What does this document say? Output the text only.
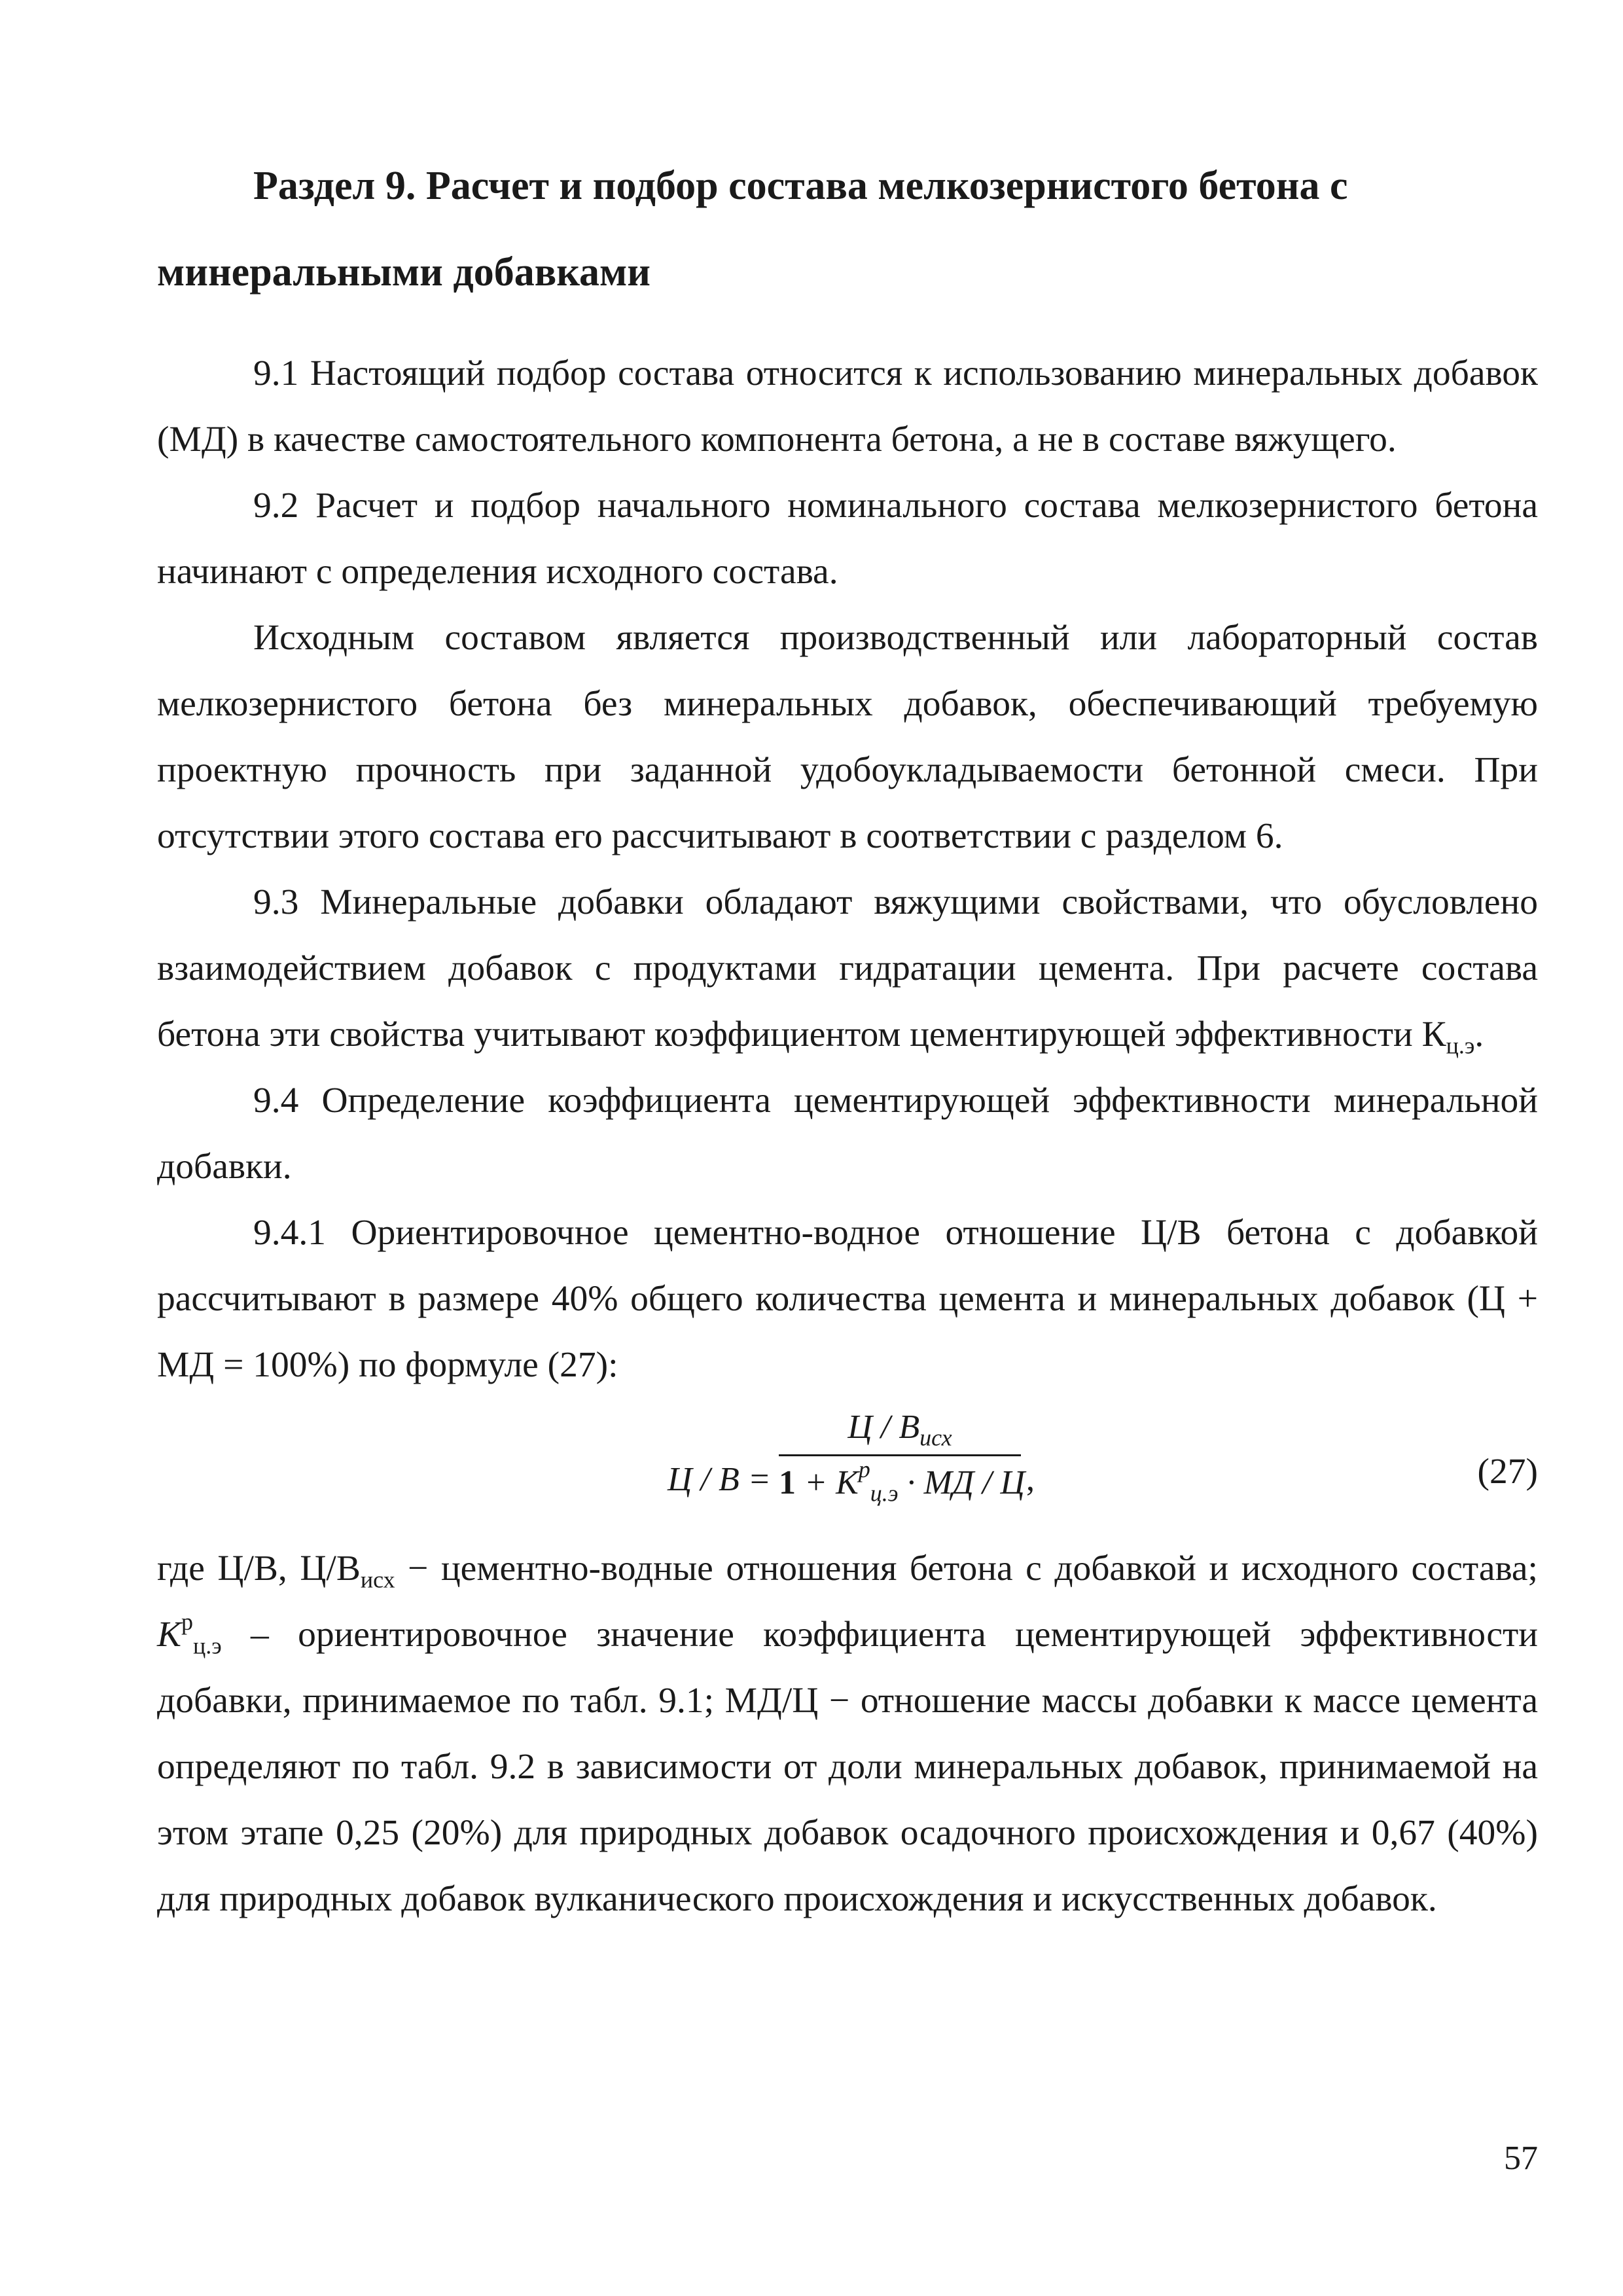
Раздел 9. Расчет и подбор состава мелкозернистого бетона с
минеральными добавками

9.1 Настоящий подбор состава относится к использованию минеральных добавок (МД) в качестве самостоятельного компонента бетона, а не в составе вяжущего.

9.2 Расчет и подбор начального номинального состава мелкозернистого бетона начинают с определения исходного состава.

Исходным составом является производственный или лабораторный состав мелкозернистого бетона без минеральных добавок, обеспечивающий требуемую проектную прочность при заданной удобоукладываемости бетонной смеси. При отсутствии этого состава его рассчитывают в соответствии с разделом 6.

9.3 Минеральные добавки обладают вяжущими свойствами, что обусловлено взаимодействием добавок с продуктами гидратации цемента. При расчете состава бетона эти свойства учитывают коэффициентом цементирующей эффективности $К_{ц.э}$.

9.4 Определение коэффициента цементирующей эффективности минеральной добавки.

9.4.1 Ориентировочное цементно-водное отношение Ц/В бетона с добавкой рассчитывают в размере 40% общего количества цемента и минеральных добавок (Ц + МД = 100%) по формуле (27):

Ц / В =
Ц / $В_{исх}$
$1 + K^p_{ц.э}$ · МД / Ц ,	(27)

где Ц/В, $Ц/В_{исх}$ − цементно-водные отношения бетона с добавкой и исходного состава; $K^р_{ц.э}$ – ориентировочное значение коэффициента цементирующей эффективности добавки, принимаемое по табл. 9.1; МД/Ц − отношение массы добавки к массе цемента определяют по табл. 9.2 в зависимости от доли минеральных добавок, принимаемой на этом этапе 0,25 (20%) для природных добавок осадочного происхождения и 0,67 (40%) для природных добавок вулканического происхождения и искусственных добавок.

57
